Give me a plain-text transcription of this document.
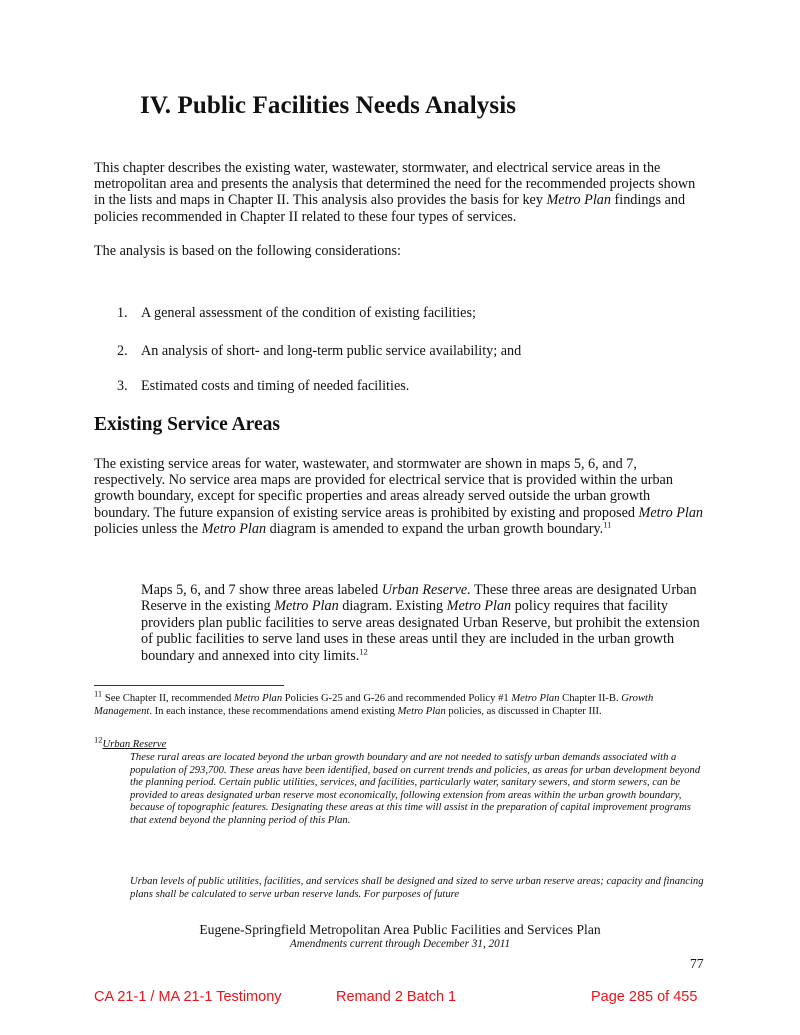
IV. Public Facilities Needs Analysis

This chapter describes the existing water, wastewater, stormwater, and electrical service areas in the metropolitan area and presents the analysis that determined the need for the recommended projects shown in the lists and maps in Chapter II. This analysis also provides the basis for key Metro Plan findings and policies recommended in Chapter II related to these four types of services.

The analysis is based on the following considerations:

1. A general assessment of the condition of existing facilities;

2. An analysis of short- and long-term public service availability; and

3. Estimated costs and timing of needed facilities.

Existing Service Areas

The existing service areas for water, wastewater, and stormwater are shown in maps 5, 6, and 7, respectively. No service area maps are provided for electrical service that is provided within the urban growth boundary, except for specific properties and areas already served outside the urban growth boundary. The future expansion of existing service areas is prohibited by existing and proposed Metro Plan policies unless the Metro Plan diagram is amended to expand the urban growth boundary.$^{11}$

Maps 5, 6, and 7 show three areas labeled Urban Reserve. These three areas are designated Urban Reserve in the existing Metro Plan diagram. Existing Metro Plan policy requires that facility providers plan public facilities to serve areas designated Urban Reserve, but prohibit the extension of public facilities to serve land uses in these areas until they are included in the urban growth boundary and annexed into city limits.$^{12}$

$^{11}$ See Chapter II, recommended Metro Plan Policies G-25 and G-26 and recommended Policy #1 Metro Plan Chapter II-B. Growth Management. In each instance, these recommendations amend existing Metro Plan policies, as discussed in Chapter III.

$^{12}$Urban Reserve

These rural areas are located beyond the urban growth boundary and are not needed to satisfy urban demands associated with a population of 293,700. These areas have been identified, based on current trends and policies, as areas for urban development beyond the planning period. Certain public utilities, services, and facilities, particularly water, sanitary sewers, and storm sewers, can be provided to areas designated urban reserve most economically, following extension from areas within the urban growth boundary, because of topographic features. Designating these areas at this time will assist in the preparation of capital improvement programs that extend beyond the planning period of this Plan.

Urban levels of public utilities, facilities, and services shall be designed and sized to serve urban reserve areas; capacity and financing plans shall be calculated to serve urban reserve lands. For purposes of future

Eugene-Springfield Metropolitan Area Public Facilities and Services Plan
Amendments current through December 31, 2011
77
CA 21-1 / MA 21-1 Testimony	Remand 2 Batch 1	Page 285 of 455
